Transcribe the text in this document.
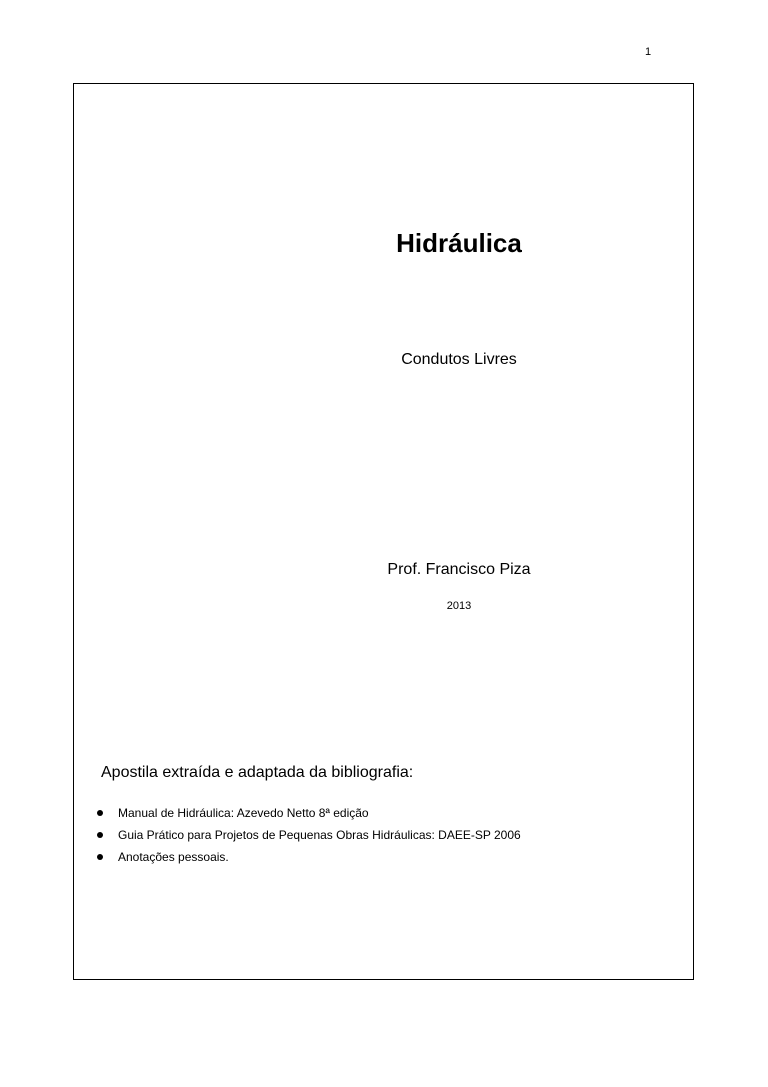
1
Hidráulica
Condutos Livres
Prof. Francisco Piza
2013
Apostila extraída e adaptada da bibliografia:
Manual de Hidráulica: Azevedo Netto 8ª edição
Guia Prático para Projetos de Pequenas Obras Hidráulicas: DAEE-SP 2006
Anotações pessoais.
